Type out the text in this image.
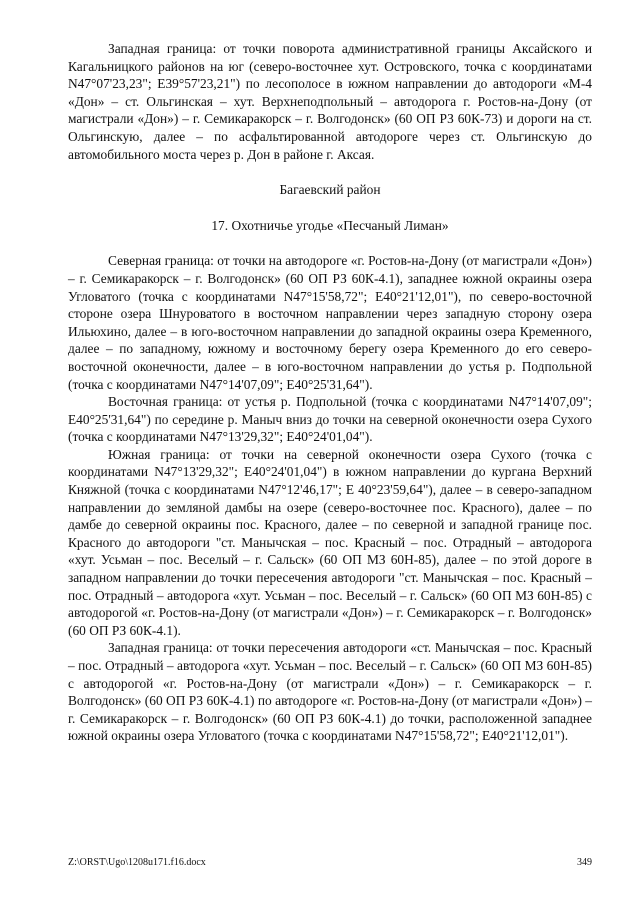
Западная граница: от точки поворота административной границы Аксайского и Кагальницкого районов на юг (северо-восточнее хут. Островского, точка с координатами N47°07'23,23"; E39°57'23,21") по лесополосе в южном направлении до автодороги «М-4 «Дон» – ст. Ольгинская – хут. Верхнеподпольный – автодорога г. Ростов-на-Дону (от магистрали «Дон») – г. Семикаракорск – г. Волгодонск» (60 ОП РЗ 60К-73) и дороги на ст. Ольгинскую, далее – по асфальтированной автодороге через ст. Ольгинскую до автомобильного моста через р. Дон в районе г. Аксая.

Багаевский район

17. Охотничье угодье «Песчаный Лиман»

Северная граница: от точки на автодороге «г. Ростов-на-Дону (от магистрали «Дон») – г. Семикаракорск – г. Волгодонск» (60 ОП РЗ 60К-4.1), западнее южной окраины озера Угловатого (точка с координатами N47°15'58,72"; E40°21'12,01"), по северо-восточной стороне озера Шнуроватого в восточном направлении через западную сторону озера Ильюхино, далее – в юго-восточном направлении до западной окраины озера Кременного, далее – по западному, южному и восточному берегу озера Кременного до его северо-восточной оконечности, далее – в юго-восточном направлении до устья р. Подпольной (точка с координатами N47°14'07,09"; E40°25'31,64").

Восточная граница: от устья р. Подпольной (точка с координатами N47°14'07,09"; E40°25'31,64") по середине р. Маныч вниз до точки на северной оконечности озера Сухого (точка с координатами N47°13'29,32"; E40°24'01,04").

Южная граница: от точки на северной оконечности озера Сухого (точка с координатами N47°13'29,32"; E40°24'01,04") в южном направлении до кургана Верхний Княжной (точка с координатами N47°12'46,17"; E 40°23'59,64"), далее – в северо-западном направлении до земляной дамбы на озере (северо-восточнее пос. Красного), далее – по дамбе до северной окраины пос. Красного, далее – по северной и западной границе пос. Красного до автодороги "ст. Манычская – пос. Красный – пос. Отрадный – автодорога «хут. Усьман – пос. Веселый – г. Сальск» (60 ОП МЗ 60Н-85), далее – по этой дороге в западном направлении до точки пересечения автодороги "ст. Манычская – пос. Красный – пос. Отрадный – автодорога «хут. Усьман – пос. Веселый – г. Сальск» (60 ОП МЗ 60Н-85) с автодорогой «г. Ростов-на-Дону (от магистрали «Дон») – г. Семикаракорск – г. Волгодонск» (60 ОП РЗ 60К-4.1).

Западная граница: от точки пересечения автодороги «ст. Манычская – пос. Красный – пос. Отрадный – автодорога «хут. Усьман – пос. Веселый – г. Сальск» (60 ОП МЗ 60Н-85) с автодорогой «г. Ростов-на-Дону (от магистрали «Дон») – г. Семикаракорск – г. Волгодонск» (60 ОП РЗ 60К-4.1) по автодороге «г. Ростов-на-Дону (от магистрали «Дон») – г. Семикаракорск – г. Волгодонск» (60 ОП РЗ 60К-4.1) до точки, расположенной западнее южной окраины озера Угловатого (точка с координатами N47°15'58,72"; E40°21'12,01").

Z:\ORST\Ugo\1208u171.f16.docx	349
